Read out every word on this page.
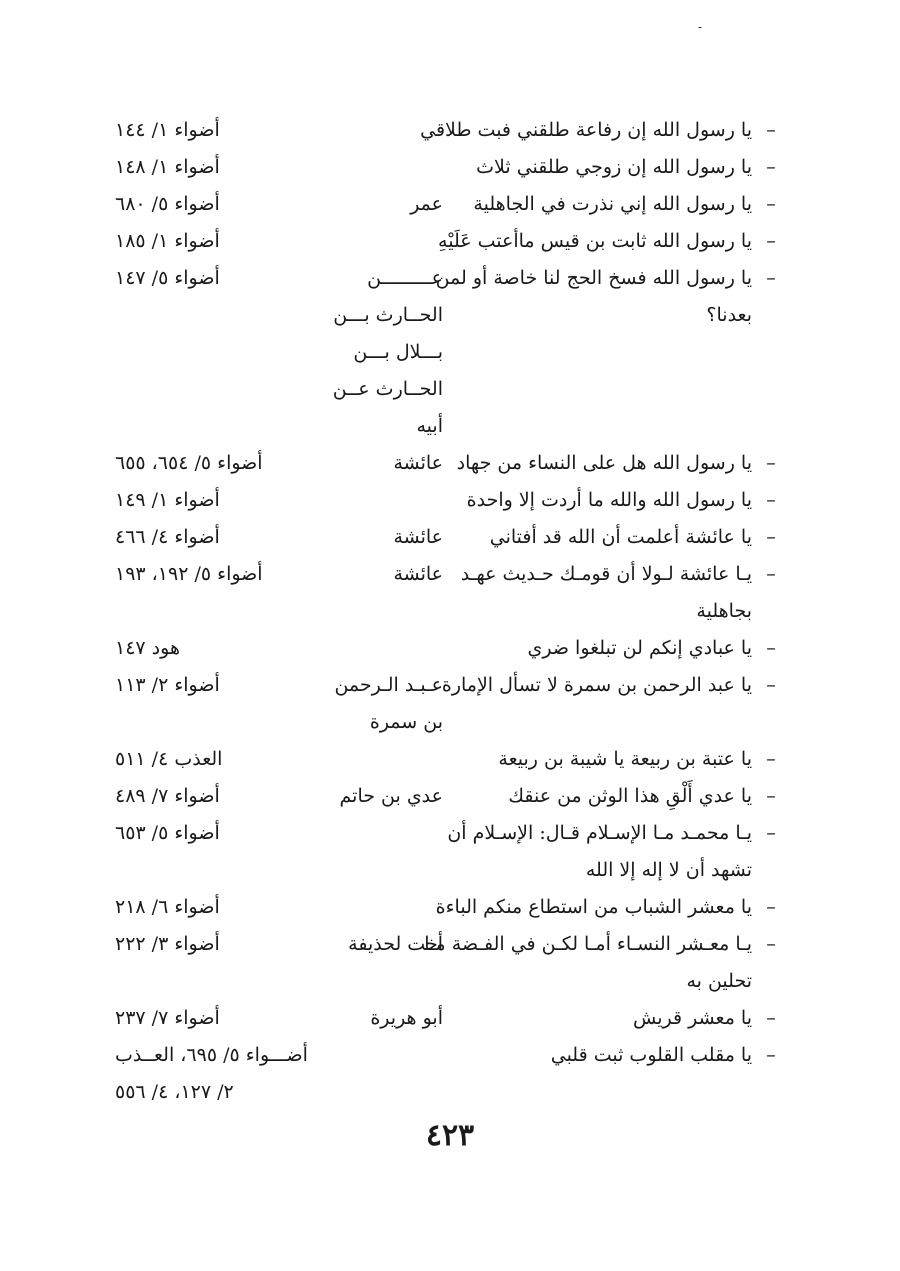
-
–
يا رسول الله إن رفاعة طلقني فبت طلاقي
أضواء ١/ ١٤٤
–
يا رسول الله إن زوجي طلقني ثلاث
أضواء ١/ ١٤٨
–
يا رسول الله إني نذرت في الجاهلية
عمر
أضواء ٥/ ٦٨٠
–
يا رسول الله ثابت بن قيس ماأعتب عَلَيْهِ
أضواء ١/ ١٨٥
–
يا رسول الله فسخ الحج لنا خاصة أو لمن
عـــــــــن
أضواء ٥/ ١٤٧
بعدنا؟
الحــارث بـــن
بـــلال بـــن
الحــارث عــن
أبيه
–
يا رسول الله هل على النساء من جهاد
عائشة
أضواء ٥/ ٦٥٤، ٦٥٥
–
يا رسول الله والله ما أردت إلا واحدة
أضواء ١/ ١٤٩
–
يا عائشة أعلمت أن الله قد أفتاني
عائشة
أضواء ٤/ ٤٦٦
–
يـا عائشة لـولا أن قومـك حـديث عهـد
عائشة
أضواء ٥/ ١٩٢، ١٩٣
بجاهلية
–
يا عبادي إنكم لن تبلغوا ضري
هود ١٤٧
–
يا عبد الرحمن بن سمرة لا تسأل الإمارة
عـبـد الـرحمن
أضواء ٢/ ١١٣
بن سمرة
–
يا عتبة بن ربيعة يا شيبة بن ربيعة
العذب ٤/ ٥١١
–
يا عدي أَلْقِ هذا الوثن من عنقك
عدي بن حاتم
أضواء ٧/ ٤٨٩
–
يـا محمـد مـا الإسـلام قـال: الإسـلام أن
أضواء ٥/ ٦٥٣
تشهد أن لا إله إلا الله
–
يا معشر الشباب من استطاع منكم الباءة
أضواء ٦/ ٢١٨
–
يـا معـشر النسـاء أمـا لكـن في الفـضة مـا
أخت لحذيفة
أضواء ٣/ ٢٢٢
تحلين به
–
يا معشر قريش
أبو هريرة
أضواء ٧/ ٢٣٧
–
يا مقلب القلوب ثبت قلبي
أضـــواء ٥/ ٦٩٥، العــذب
٢/ ١٢٧، ٤/ ٥٥٦
٤٢٣
